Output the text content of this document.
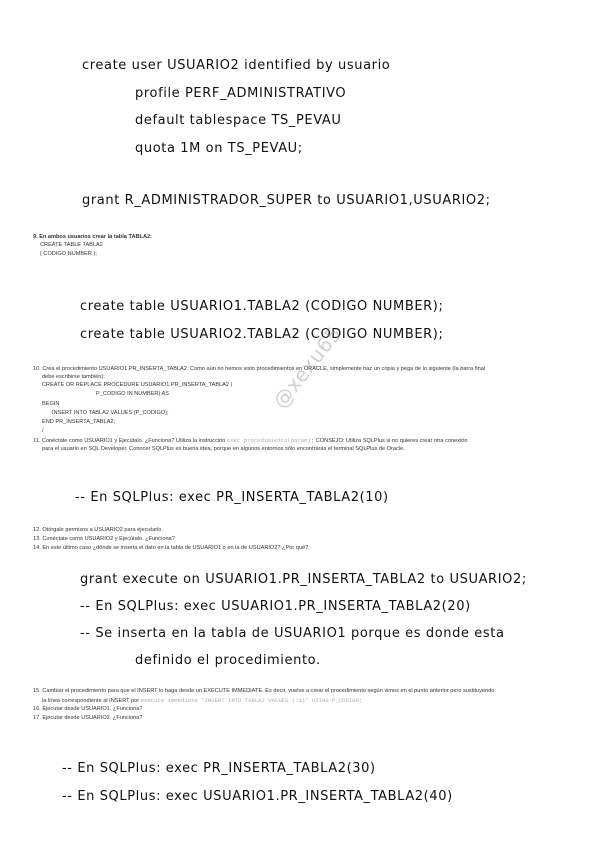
create user USUARIO2 identified by usuario
profile PERF_ADMINISTRATIVO
default tablespace TS_PEVAU
quota 1M on TS_PEVAU;
grant R_ADMINISTRADOR_SUPER to USUARIO1,USUARIO2;
9. En ambos usuarios crear la tabla TABLA2:
CREATE TABLE TABLA2
( CODIGO NUMBER );
create table USUARIO1.TABLA2 (CODIGO NUMBER);
create table USUARIO2.TABLA2 (CODIGO NUMBER);
10. Crea el procedimiento USUARIO1.PR_INSERTA_TABLA2. Como aún no hemos visto procedimientos en ORACLE, simplemente haz un copia y pega de lo siguiente (la barra final
debe escribirse también):
CREATE OR REPLACE PROCEDURE USUARIO1.PR_INSERTA_TABLA2 (
P_CODIGO IN NUMBER) AS
BEGIN
INSERT INTO TABLA2 VALUES (P_CODIGO);
END PR_INSERTA_TABLA2;
/
11. Conéctate como USUARIO1 y Ejecútalo. ¿Funciona? Utiliza la instrucción exec procedimiento(param); CONSEJO: Utiliza SQLPlus si no quieres crear otra conexión
para el usuario en SQL Developer. Conocer SQLPlus es buena idea, porque en algunos entornos sólo encontrarás el terminal SQLPlus de Oracle.
-- En SQLPlus: exec PR_INSERTA_TABLA2(10)
12. Otórgale permisos a USUARIO2 para ejecutarlo.
13. Conéctate como USUARIO2 y Ejecútalo. ¿Funciona?
14. En este último caso ¿dónde se inserta el dato en la tabla de USUARIO1 o en la de USUARIO2? ¿Por qué?
grant execute on USUARIO1.PR_INSERTA_TABLA2 to USUARIO2;
-- En SQLPlus: exec USUARIO1.PR_INSERTA_TABLA2(20)
-- Se inserta en la tabla de USUARIO1 porque es donde esta
definido el procedimiento.
15. Cambiar el procedimiento para que el INSERT lo haga desde un EXECUTE IMMEDIATE. Es decir, vuelve a crear el procedimiento según vimos en el punto anterior pero sustituyendo
la línea correspondiente al INSERT por execute immediate 'INSERT INTO TABLA2 VALUES (:1)' USING P_CODIGO;
16. Ejecutar desde USUARIO1. ¿Funciona?
17. Ejecutar desde USUARIO2. ¿Funciona?
-- En SQLPlus: exec PR_INSERTA_TABLA2(30)
-- En SQLPlus: exec USUARIO1.PR_INSERTA_TABLA2(40)
@xexu65
